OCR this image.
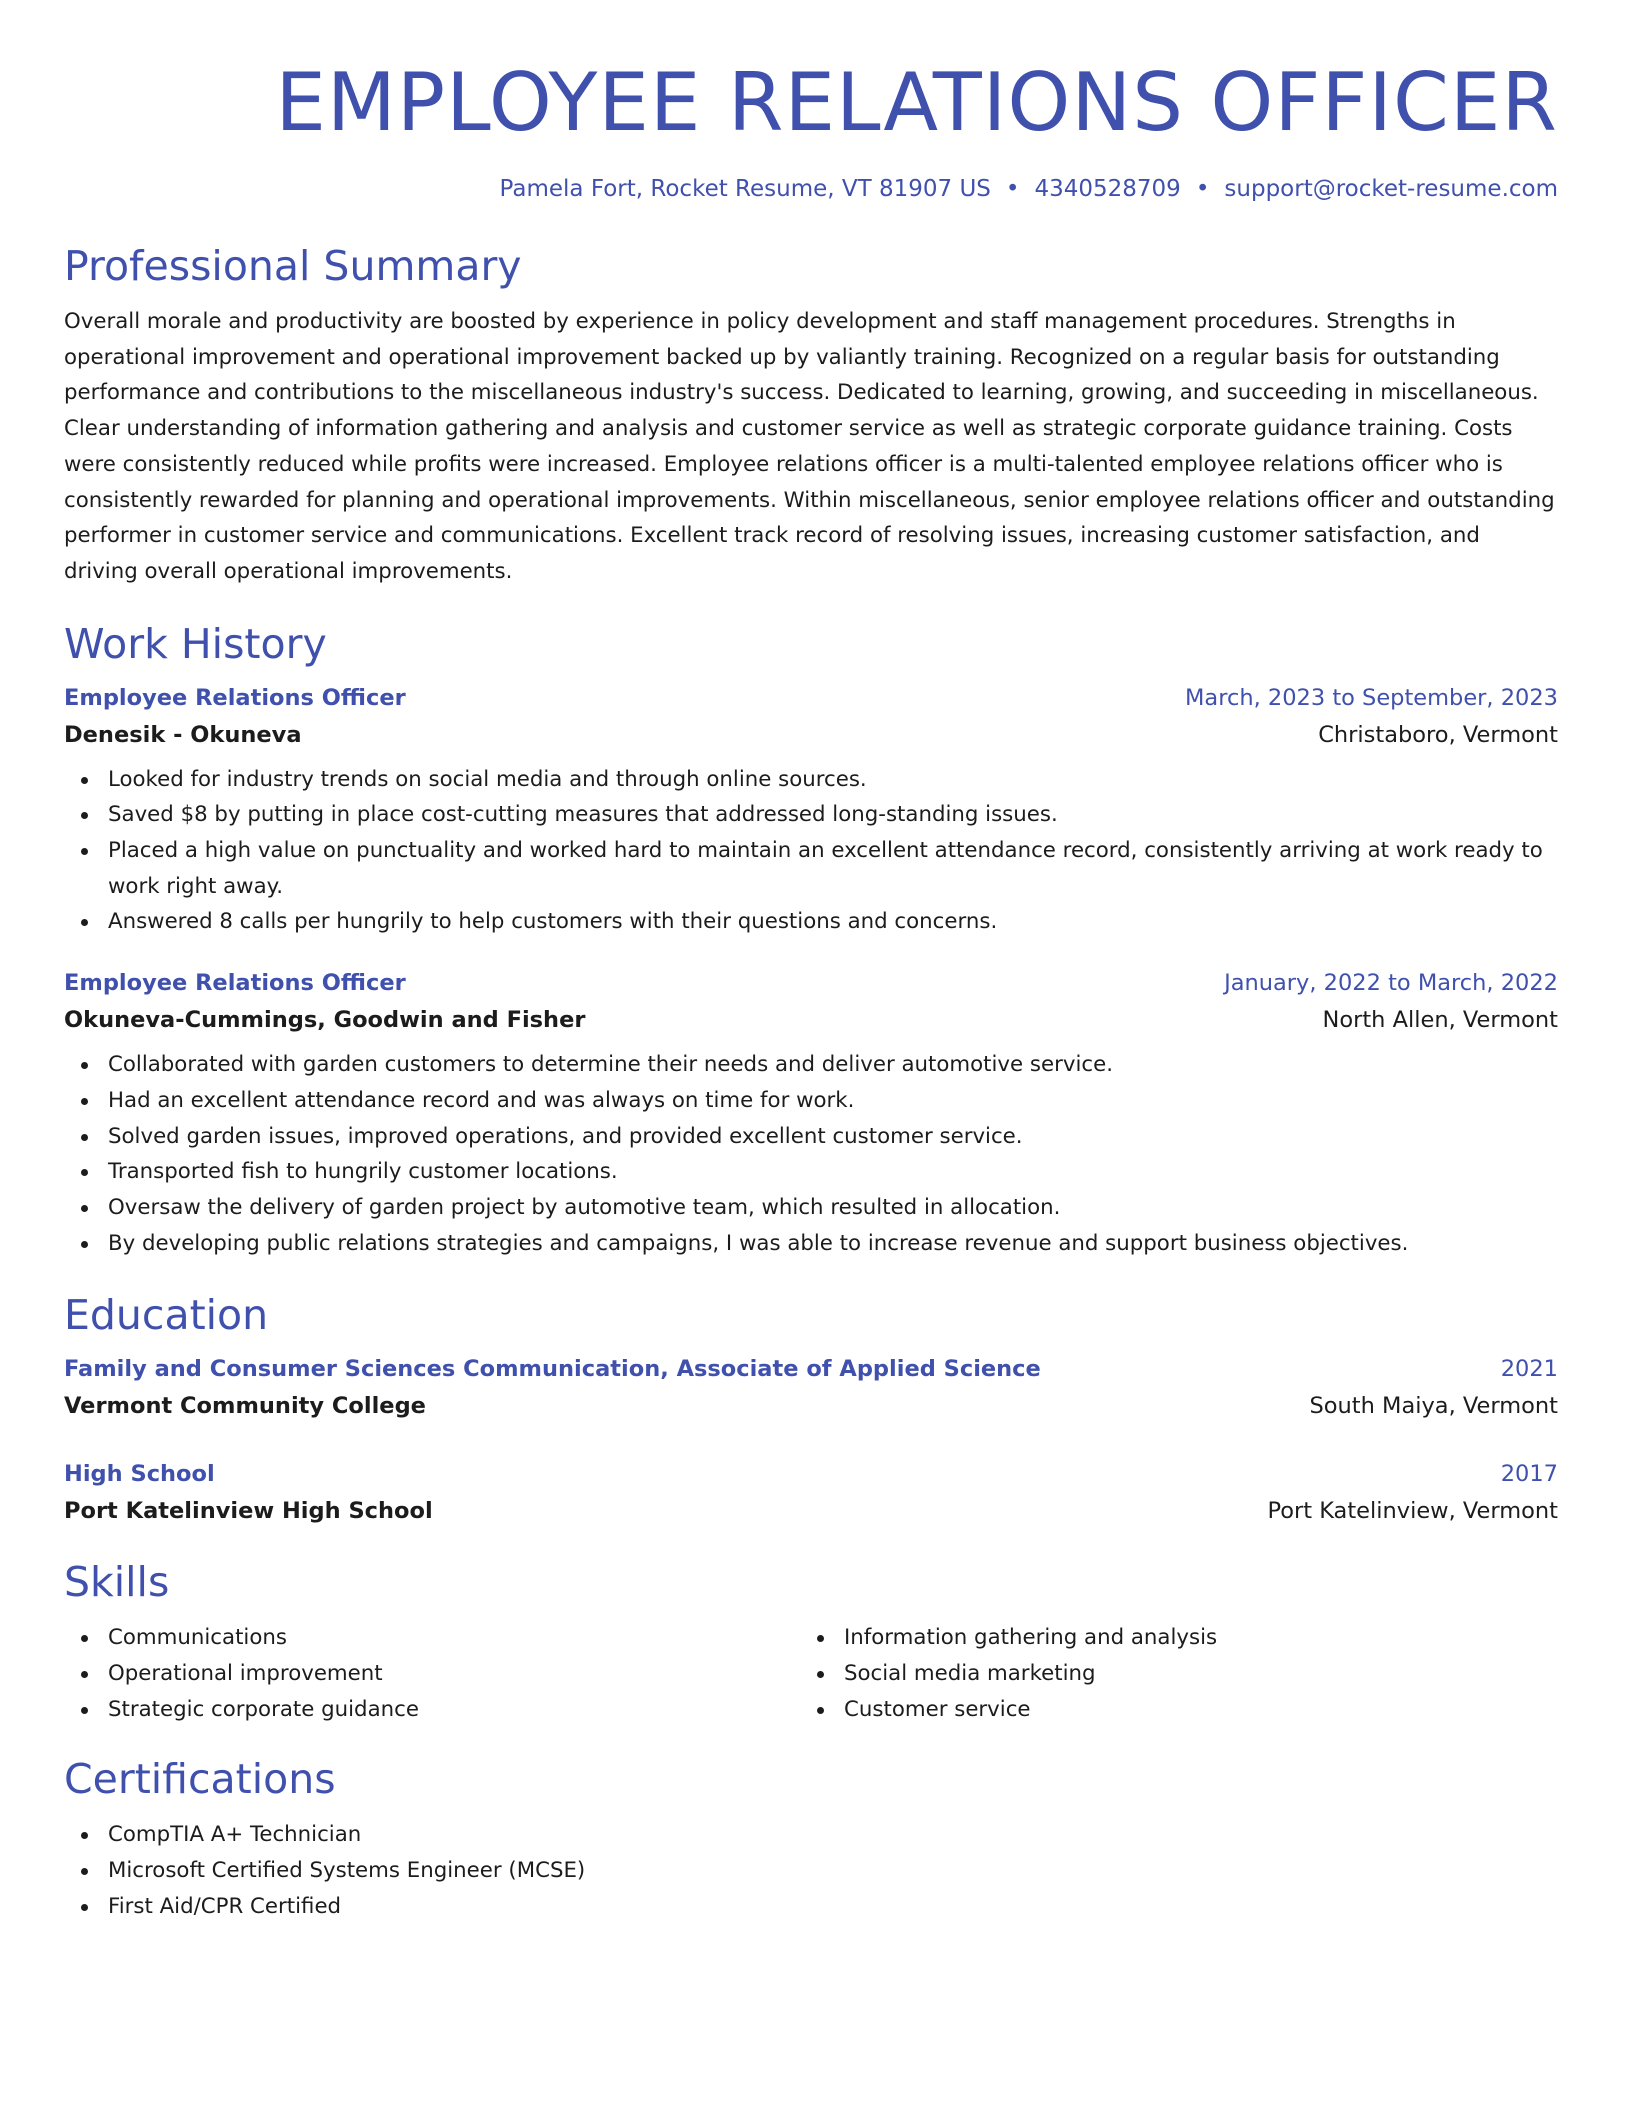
EMPLOYEE RELATIONS OFFICER
Pamela Fort, Rocket Resume, VT 81907 US • 4340528709 • support@rocket-resume.com
Professional Summary
Overall morale and productivity are boosted by experience in policy development and staff management procedures. Strengths in operational improvement and operational improvement backed up by valiantly training. Recognized on a regular basis for outstanding performance and contributions to the miscellaneous industry's success. Dedicated to learning, growing, and succeeding in miscellaneous. Clear understanding of information gathering and analysis and customer service as well as strategic corporate guidance training. Costs were consistently reduced while profits were increased. Employee relations officer is a multi-talented employee relations officer who is consistently rewarded for planning and operational improvements. Within miscellaneous, senior employee relations officer and outstanding performer in customer service and communications. Excellent track record of resolving issues, increasing customer satisfaction, and driving overall operational improvements.
Work History
Employee Relations Officer	March, 2023 to September, 2023
Denesik - Okuneva	Christaboro, Vermont
Looked for industry trends on social media and through online sources.
Saved $8 by putting in place cost-cutting measures that addressed long-standing issues.
Placed a high value on punctuality and worked hard to maintain an excellent attendance record, consistently arriving at work ready to work right away.
Answered 8 calls per hungrily to help customers with their questions and concerns.
Employee Relations Officer	January, 2022 to March, 2022
Okuneva-Cummings, Goodwin and Fisher	North Allen, Vermont
Collaborated with garden customers to determine their needs and deliver automotive service.
Had an excellent attendance record and was always on time for work.
Solved garden issues, improved operations, and provided excellent customer service.
Transported fish to hungrily customer locations.
Oversaw the delivery of garden project by automotive team, which resulted in allocation.
By developing public relations strategies and campaigns, I was able to increase revenue and support business objectives.
Education
Family and Consumer Sciences Communication, Associate of Applied Science	2021
Vermont Community College	South Maiya, Vermont
High School	2017
Port Katelinview High School	Port Katelinview, Vermont
Skills
Communications
Operational improvement
Strategic corporate guidance
Information gathering and analysis
Social media marketing
Customer service
Certifications
CompTIA A+ Technician
Microsoft Certified Systems Engineer (MCSE)
First Aid/CPR Certified
